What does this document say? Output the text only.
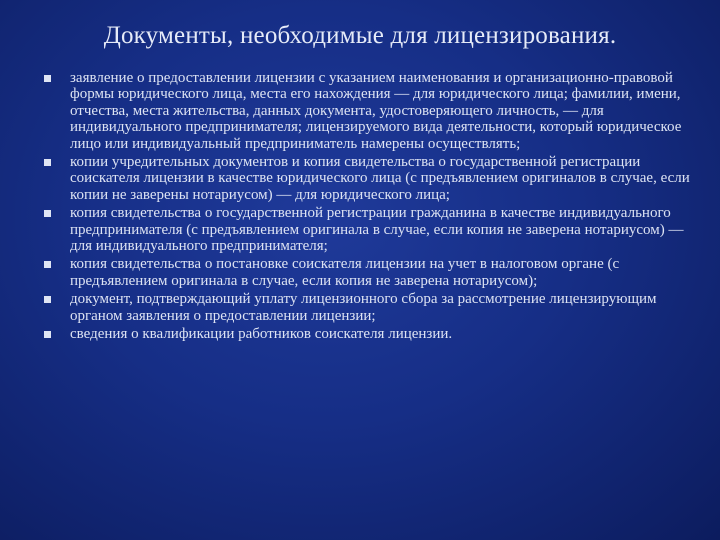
Документы, необходимые для лицензирования.
заявление о предоставлении лицензии с указанием наименования и организационно-правовой формы юридического лица, места его нахождения — для юридического лица; фамилии, имени, отчества, места жительства, данных документа, удостоверяющего личность, — для индивидуального предпринимателя; лицензируемого вида деятельности, который юридическое лицо или индивидуальный предприниматель намерены осуществлять;
копии учредительных документов и копия свидетельства о государственной регистрации соискателя лицензии в качестве юридического лица (с предъявлением оригиналов в случае, если копии не заверены нотариусом) — для юридического лица;
копия свидетельства о государственной регистрации гражданина в качестве индивидуального предпринимателя (с предъявлением оригинала в случае, если копия не заверена нотариусом) — для индивидуального предпринимателя;
копия свидетельства о постановке соискателя лицензии на учет в налоговом органе (с предъявлением оригинала в случае, если копия не заверена нотариусом);
документ, подтверждающий уплату лицензионного сбора за рассмотрение лицензирующим органом заявления о предоставлении лицензии;
сведения о квалификации работников соискателя лицензии.
